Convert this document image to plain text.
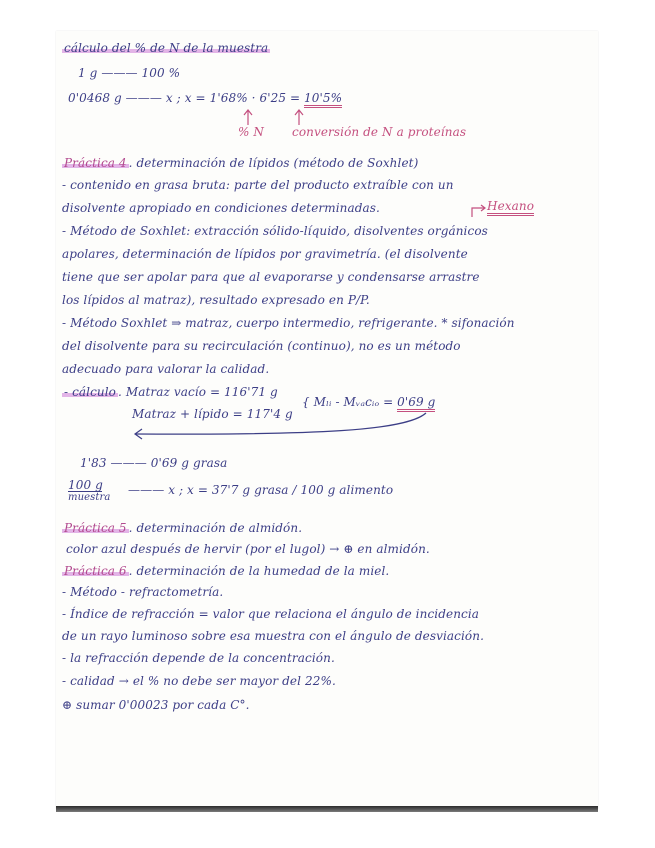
cálculo del % de N de la muestra
1 g ——— 100 %
0'0468 g ——— x ; x = 1'68% · 6'25 = 10'5%
% N conversión de N a proteínas
Práctica 4 . determinación de lípidos (método de Soxhlet)
- contenido en grasa bruta: parte del producto extraíble con un
disolvente apropiado en condiciones determinadas.	Hexano
- Método de Soxhlet: extracción sólido-líquido, disolventes orgánicos
apolares, determinación de lípidos por gravimetría. (el disolvente
tiene que ser apolar para que al evaporarse y condensarse arrastre
los lípidos al matraz), resultado expresado en P/P.
- Método Soxhlet ⇒ matraz, cuerpo intermedio, refrigerante. * sifonación
del disolvente para su recirculación (continuo), no es un método
adecuado para valorar la calidad.
- cálculo . Matraz vacío = 116'71 g
Matraz + lípido = 117'4 g
{ Mₗᵢ - Mᵥₐcᵢₒ = 0'69 g
1'83 ——— 0'69 g grasa
100 g
muestra
——— x ; x = 37'7 g grasa / 100 g alimento
Práctica 5 . determinación de almidón.
color azul después de hervir (por el lugol) → ⊕ en almidón.
Práctica 6 . determinación de la humedad de la miel.
- Método - refractometría.
- Índice de refracción = valor que relaciona el ángulo de incidencia
de un rayo luminoso sobre esa muestra con el ángulo de desviación.
- la refracción depende de la concentración.
- calidad → el % no debe ser mayor del 22%.
⊕ sumar 0'00023 por cada C°.
